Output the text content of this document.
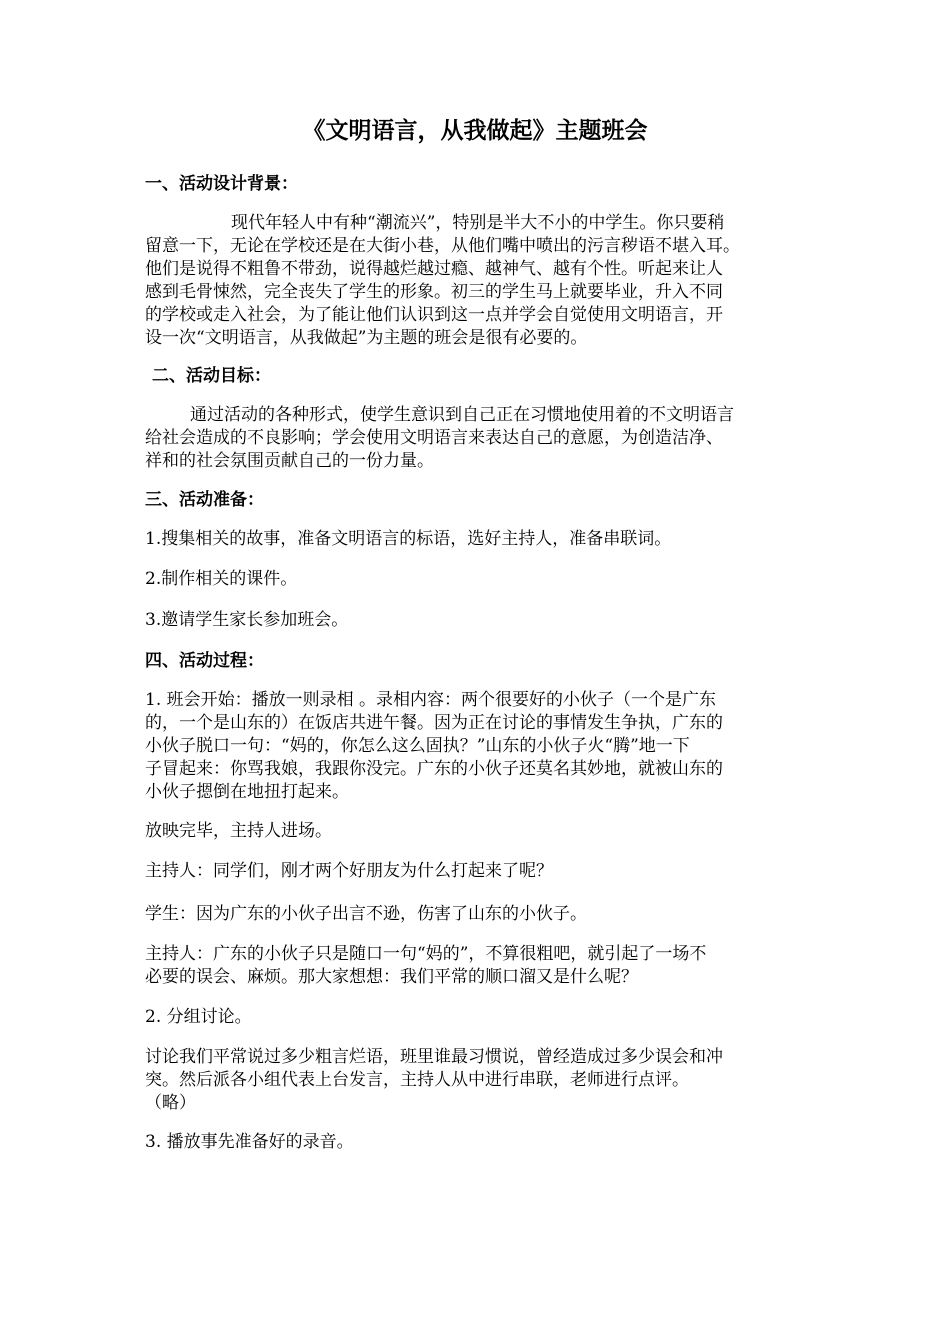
《文明语言，从我做起》主题班会
一、活动设计背景：
现代年轻人中有种“潮流兴”，特别是半大不小的中学生。你只要稍
留意一下，无论在学校还是在大街小巷，从他们嘴中喷出的污言秽语不堪入耳。
他们是说得不粗鲁不带劲，说得越烂越过瘾、越神气、越有个性。听起来让人
感到毛骨悚然，完全丧失了学生的形象。初三的学生马上就要毕业，升入不同
的学校或走入社会，为了能让他们认识到这一点并学会自觉使用文明语言，开
设一次“文明语言，从我做起”为主题的班会是很有必要的。
二、活动目标：
通过活动的各种形式，使学生意识到自己正在习惯地使用着的不文明语言
给社会造成的不良影响；学会使用文明语言来表达自己的意愿，为创造洁净、
祥和的社会氛围贡献自己的一份力量。
三、活动准备：
1.搜集相关的故事，准备文明语言的标语，选好主持人，准备串联词。
2.制作相关的课件。
3.邀请学生家长参加班会。
四、活动过程：
1. 班会开始：播放一则录相 。录相内容：两个很要好的小伙子（一个是广东
的，一个是山东的）在饭店共进午餐。因为正在讨论的事情发生争执，广东的
小伙子脱口一句：“妈的，你怎么这么固执？”山东的小伙子火“腾”地一下
子冒起来：你骂我娘，我跟你没完。广东的小伙子还莫名其妙地，就被山东的
小伙子摁倒在地扭打起来。
放映完毕，主持人进场。
主持人：同学们，刚才两个好朋友为什么打起来了呢？
学生：因为广东的小伙子出言不逊，伤害了山东的小伙子。
主持人：广东的小伙子只是随口一句“妈的”，不算很粗吧，就引起了一场不
必要的误会、麻烦。那大家想想：我们平常的顺口溜又是什么呢？
2. 分组讨论。
讨论我们平常说过多少粗言烂语，班里谁最习惯说，曾经造成过多少误会和冲
突。然后派各小组代表上台发言，主持人从中进行串联，老师进行点评。
（略）
3. 播放事先准备好的录音。
